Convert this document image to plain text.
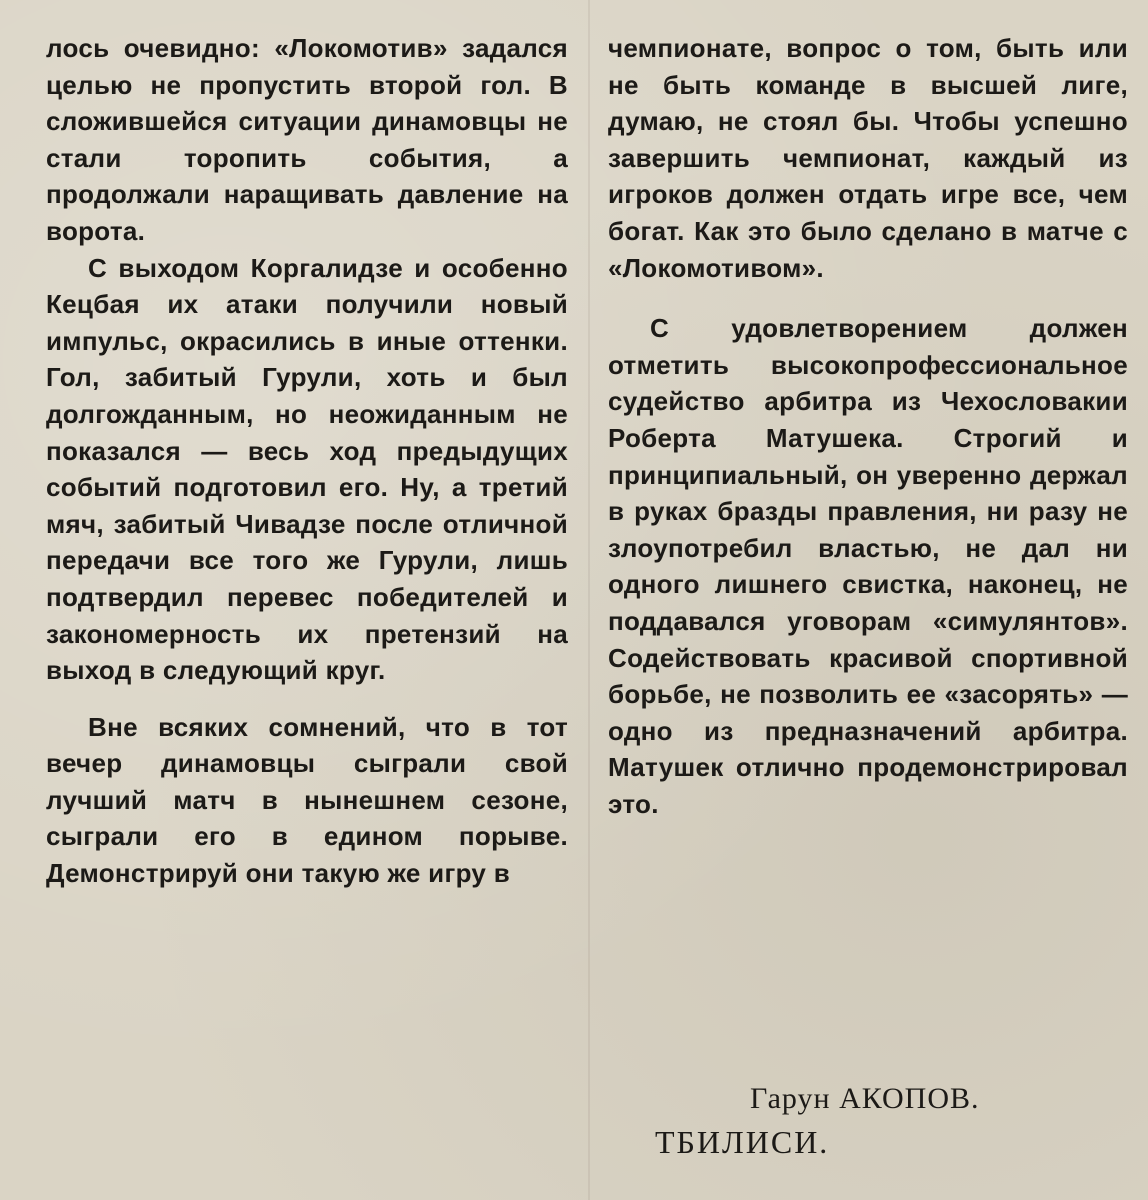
лось очевидно: «Локомотив» задался целью не пропустить второй гол. В сложившейся ситуации динамовцы не стали торопить события, а продолжали наращивать давление на ворота.

С выходом Коргалидзе и особенно Кецбая их атаки получили новый импульс, окрасились в иные оттенки. Гол, забитый Гурули, хоть и был долгожданным, но неожиданным не показался — весь ход предыдущих событий подготовил его. Ну, а третий мяч, забитый Чивадзе после отличной передачи все того же Гурули, лишь подтвердил перевес победителей и закономерность их претензий на выход в следующий круг.

Вне всяких сомнений, что в тот вечер динамовцы сыграли свой лучший матч в нынешнем сезоне, сыграли его в едином порыве. Демонстрируй они такую же игру в

чемпионате, вопрос о том, быть или не быть команде в высшей лиге, думаю, не стоял бы. Чтобы успешно завершить чемпионат, каждый из игроков должен отдать игре все, чем богат. Как это было сделано в матче с «Локомотивом».

С удовлетворением должен отметить высокопрофессиональное судейство арбитра из Чехословакии Роберта Матушека. Строгий и принципиальный, он уверенно держал в руках бразды правления, ни разу не злоупотребил властью, не дал ни одного лишнего свистка, наконец, не поддавался уговорам «симулянтов». Содействовать красивой спортивной борьбе, не позволить ее «засорять» — одно из предназначений арбитра. Матушек отлично продемонстрировал это.

Гарун АКОПОВ.
ТБИЛИСИ.
